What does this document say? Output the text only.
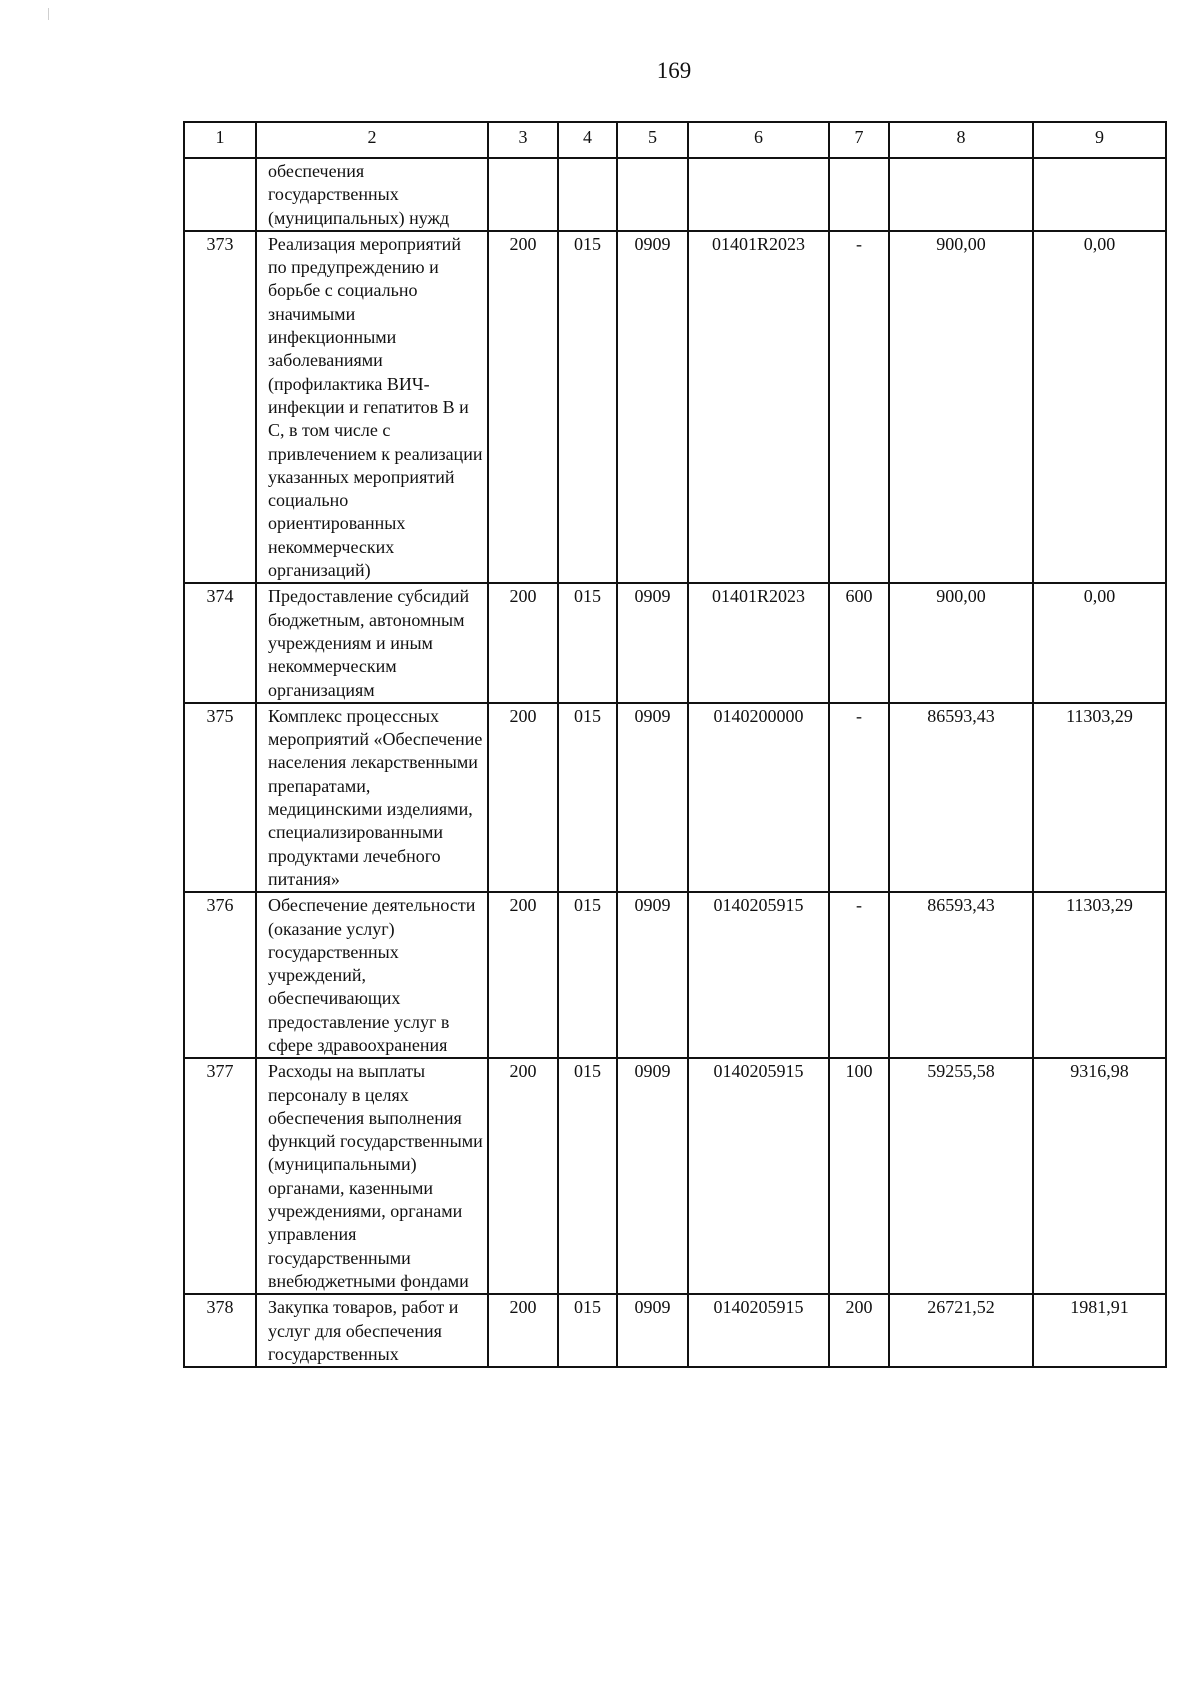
169
1	2	3	4	5	6	7	8	9
	обеспечения государственных (муниципальных) нужд							
373	Реализация мероприятий по предупреждению и борьбе с социально значимыми инфекционными заболеваниями (профилактика ВИЧ-инфекции и гепатитов В и С, в том числе с привлечением к реализации указанных мероприятий социально ориентированных некоммерческих организаций)	200	015	0909	01401R2023	-	900,00	0,00
374	Предоставление субсидий бюджетным, автономным учреждениям и иным некоммерческим организациям	200	015	0909	01401R2023	600	900,00	0,00
375	Комплекс процессных мероприятий «Обеспечение населения лекарственными препаратами, медицинскими изделиями, специализированными продуктами лечебного питания»	200	015	0909	0140200000	-	86593,43	11303,29
376	Обеспечение деятельности (оказание услуг) государственных учреждений, обеспечивающих предоставление услуг в сфере здравоохранения	200	015	0909	0140205915	-	86593,43	11303,29
377	Расходы на выплаты персоналу в целях обеспечения выполнения функций государственными (муниципальными) органами, казенными учреждениями, органами управления государственными внебюджетными фондами	200	015	0909	0140205915	100	59255,58	9316,98
378	Закупка товаров, работ и услуг для обеспечения государственных	200	015	0909	0140205915	200	26721,52	1981,91
